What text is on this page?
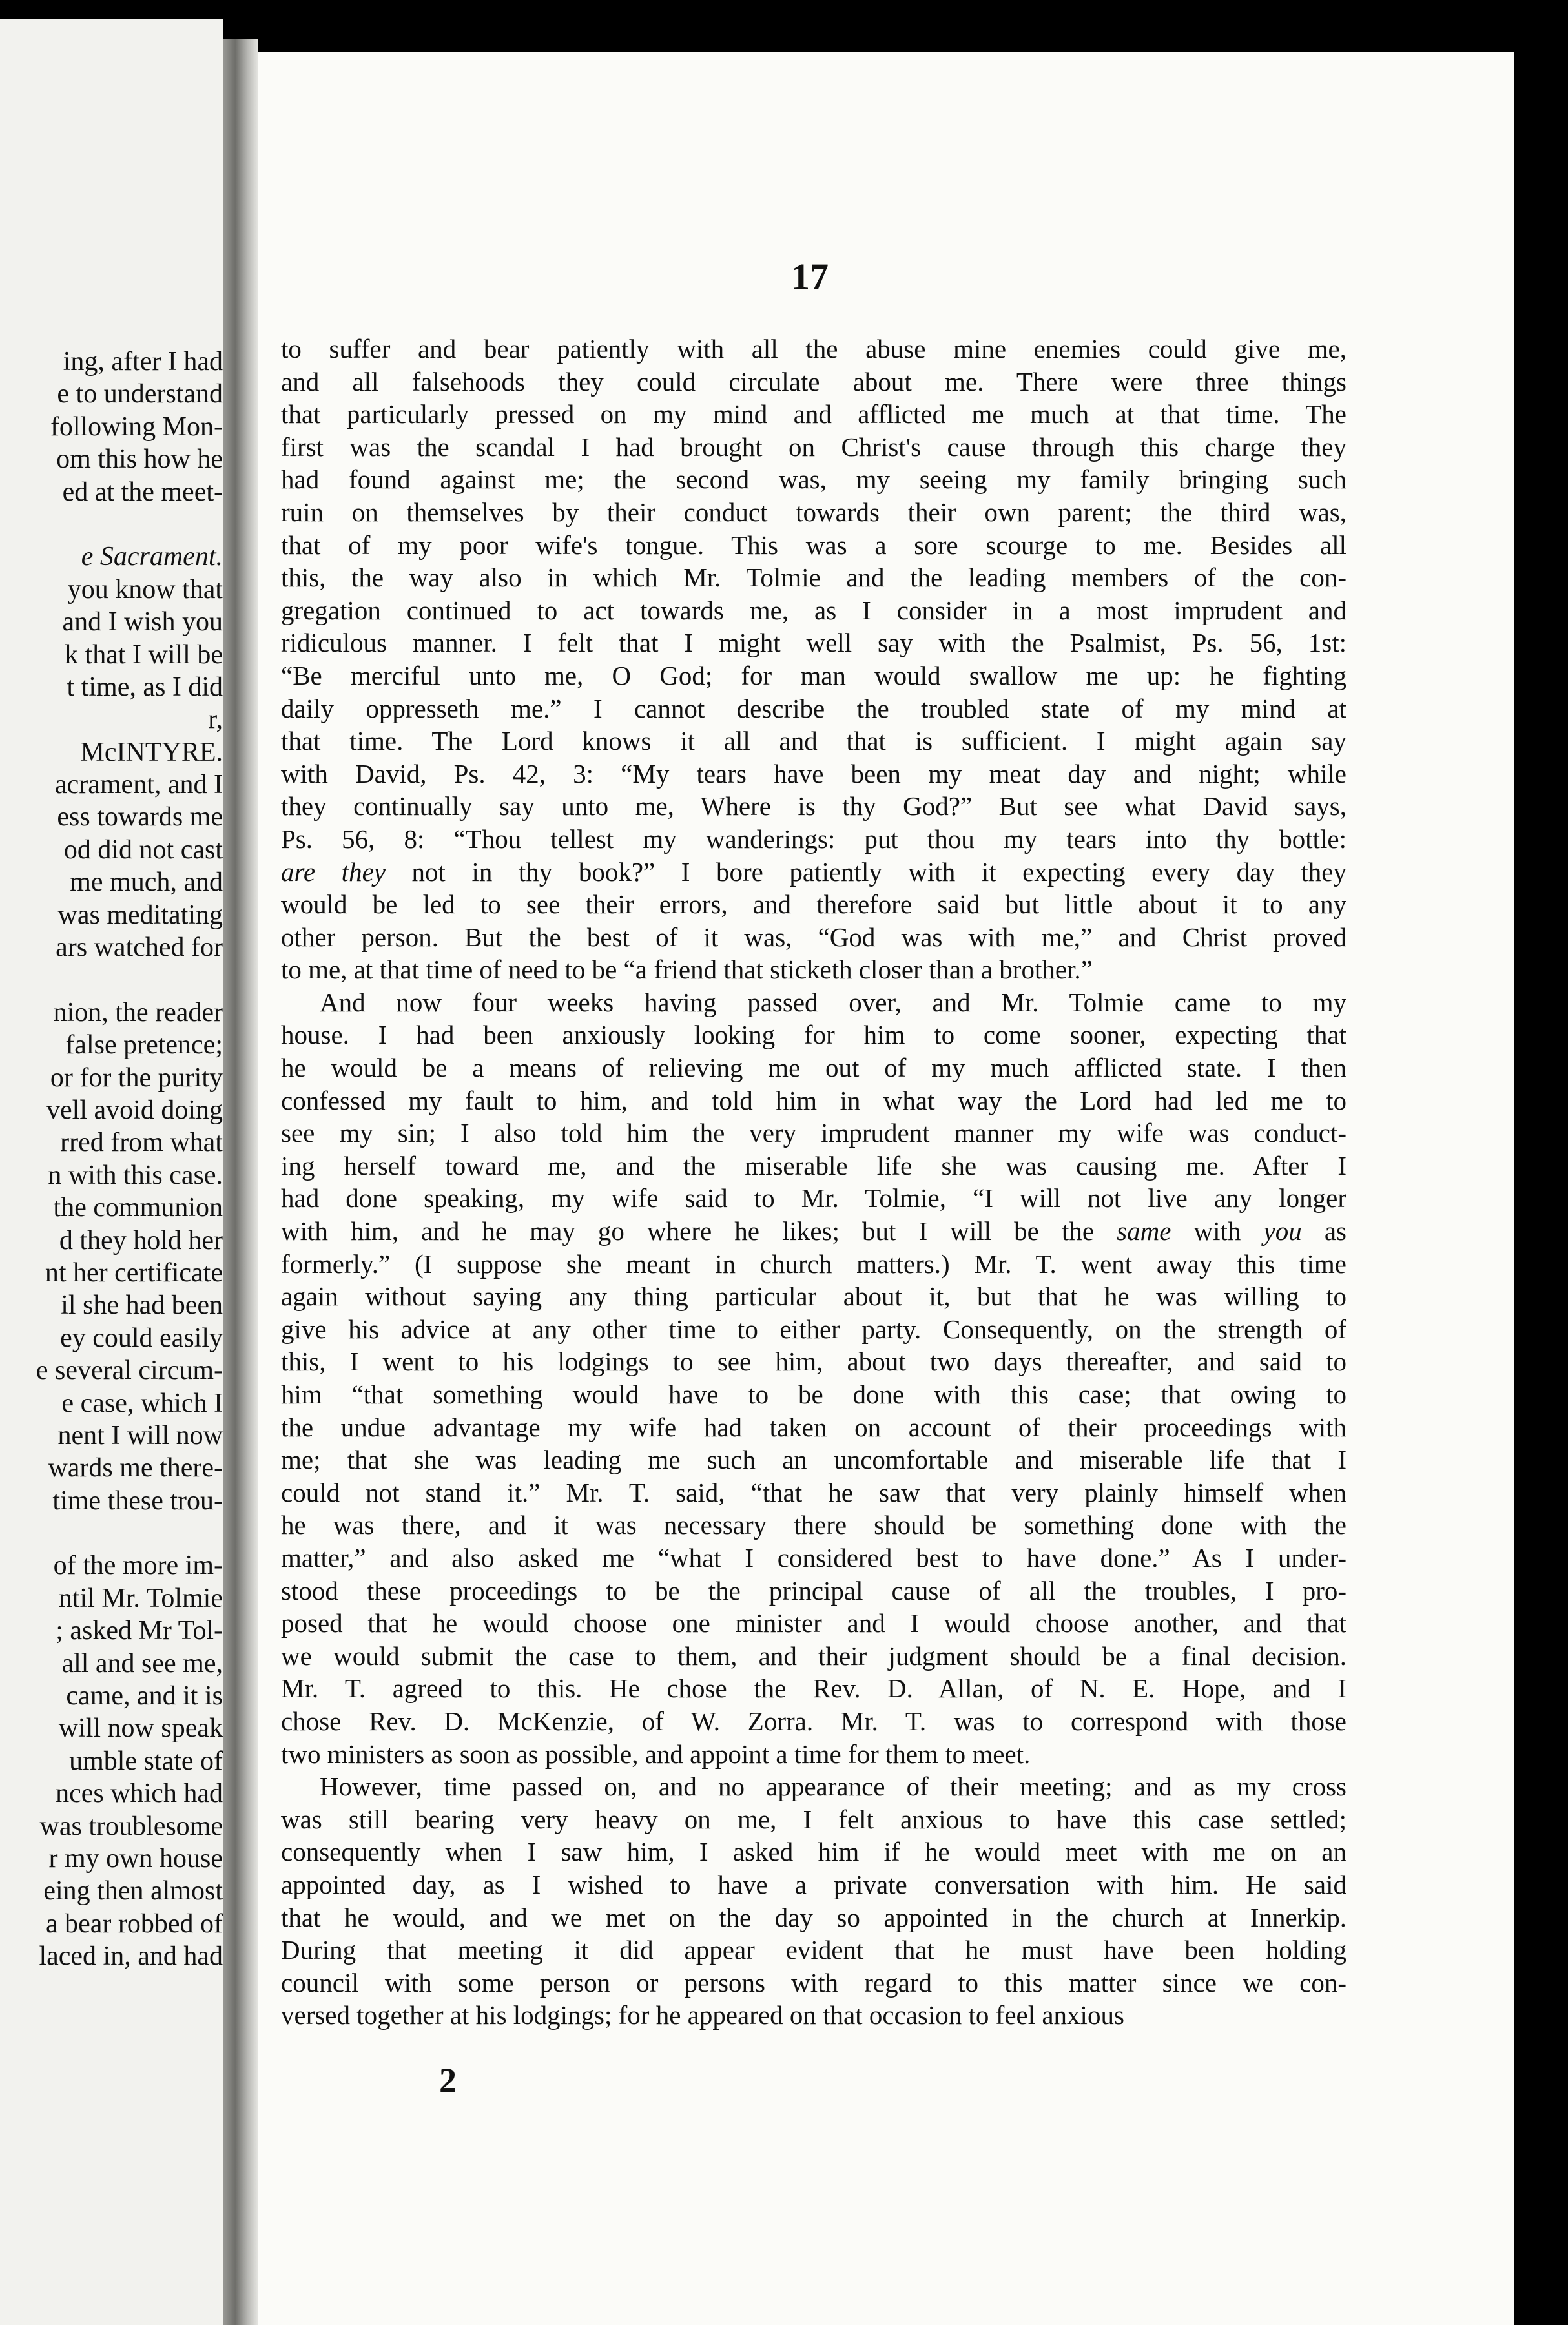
ing, after I had
e to understand
following Mon-
om this how he
ed at the meet-
e Sacrament.
you know that
and I wish you
k that I will be
t time, as I did
r,
McINTYRE.
acrament, and I
ess towards me
od did not cast
me much, and
was meditating
ars watched for
nion, the reader
false pretence;
or for the purity
vell avoid doing
rred from what
n with this case.
the communion
d they hold her
nt her certificate
il she had been
ey could easily
e several circum-
e case, which I
nent I will now
wards me there-
time these trou-
of the more im-
ntil Mr. Tolmie
; asked Mr Tol-
all and see me,
came, and it is
will now speak
umble state of
nces which had
was troublesome
r my own house
eing then almost
a bear robbed of
laced in, and had
17
to suffer and bear patiently with all the abuse mine enemies could give me,
and all falsehoods they could circulate about me. There were three things
that particularly pressed on my mind and afflicted me much at that time. The
first was the scandal I had brought on Christ's cause through this charge they
had found against me; the second was, my seeing my family bringing such
ruin on themselves by their conduct towards their own parent; the third was,
that of my poor wife's tongue. This was a sore scourge to me. Besides all
this, the way also in which Mr. Tolmie and the leading members of the con-
gregation continued to act towards me, as I consider in a most imprudent and
ridiculous manner. I felt that I might well say with the Psalmist, Ps. 56, 1st:
“Be merciful unto me, O God; for man would swallow me up: he fighting
daily oppresseth me.” I cannot describe the troubled state of my mind at
that time. The Lord knows it all and that is sufficient. I might again say
with David, Ps. 42, 3: “My tears have been my meat day and night; while
they continually say unto me, Where is thy God?” But see what David says,
Ps. 56, 8: “Thou tellest my wanderings: put thou my tears into thy bottle:
are they not in thy book?” I bore patiently with it expecting every day they
would be led to see their errors, and therefore said but little about it to any
other person. But the best of it was, “God was with me,” and Christ proved
to me, at that time of need to be “a friend that sticketh closer than a brother.”
And now four weeks having passed over, and Mr. Tolmie came to my
house. I had been anxiously looking for him to come sooner, expecting that
he would be a means of relieving me out of my much afflicted state. I then
confessed my fault to him, and told him in what way the Lord had led me to
see my sin; I also told him the very imprudent manner my wife was conduct-
ing herself toward me, and the miserable life she was causing me. After I
had done speaking, my wife said to Mr. Tolmie, “I will not live any longer
with him, and he may go where he likes; but I will be the same with you as
formerly.” (I suppose she meant in church matters.) Mr. T. went away this time
again without saying any thing particular about it, but that he was willing to
give his advice at any other time to either party. Consequently, on the strength of
this, I went to his lodgings to see him, about two days thereafter, and said to
him “that something would have to be done with this case; that owing to
the undue advantage my wife had taken on account of their proceedings with
me; that she was leading me such an uncomfortable and miserable life that I
could not stand it.” Mr. T. said, “that he saw that very plainly himself when
he was there, and it was necessary there should be something done with the
matter,” and also asked me “what I considered best to have done.” As I under-
stood these proceedings to be the principal cause of all the troubles, I pro-
posed that he would choose one minister and I would choose another, and that
we would submit the case to them, and their judgment should be a final decision.
Mr. T. agreed to this. He chose the Rev. D. Allan, of N. E. Hope, and I
chose Rev. D. McKenzie, of W. Zorra. Mr. T. was to correspond with those
two ministers as soon as possible, and appoint a time for them to meet.
However, time passed on, and no appearance of their meeting; and as my cross
was still bearing very heavy on me, I felt anxious to have this case settled;
consequently when I saw him, I asked him if he would meet with me on an
appointed day, as I wished to have a private conversation with him. He said
that he would, and we met on the day so appointed in the church at Innerkip.
During that meeting it did appear evident that he must have been holding
council with some person or persons with regard to this matter since we con-
versed together at his lodgings; for he appeared on that occasion to feel anxious
2
